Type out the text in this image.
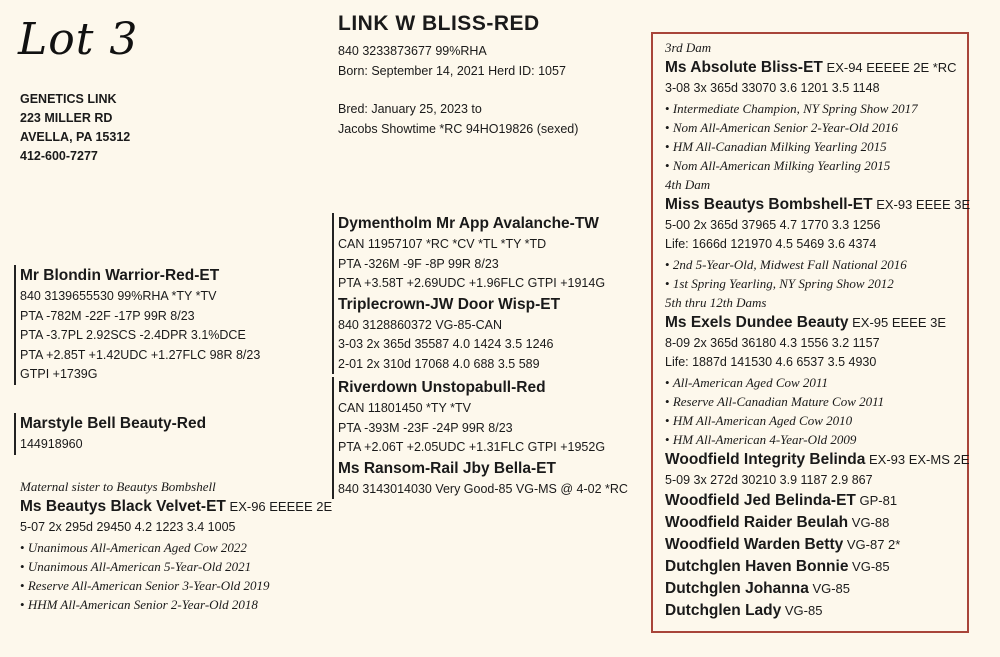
Lot 3
GENETICS LINK
223 MILLER RD
AVELLA, PA 15312
412-600-7277
LINK W BLISS-RED
840 3233873677 99%RHA
Born: September 14, 2021 Herd ID: 1057
Bred: January 25, 2023 to
Jacobs Showtime *RC 94HO19826 (sexed)
Mr Blondin Warrior-Red-ET
840 3139655530 99%RHA *TY *TV
PTA -782M -22F -17P 99R 8/23
PTA -3.7PL 2.92SCS -2.4DPR 3.1%DCE
PTA +2.85T +1.42UDC +1.27FLC 98R 8/23
GTPI +1739G
Marstyle Bell Beauty-Red
144918960
Maternal sister to Beautys Bombshell
Ms Beautys Black Velvet-ET EX-96 EEEEE 2E
5-07 2x 295d 29450 4.2 1223 3.4 1005
• Unanimous All-American Aged Cow 2022
• Unanimous All-American 5-Year-Old 2021
• Reserve All-American Senior 3-Year-Old 2019
• HHM All-American Senior 2-Year-Old 2018
Dymentholm Mr App Avalanche-TW
CAN 11957107 *RC *CV *TL *TY *TD
PTA -326M -9F -8P 99R 8/23
PTA +3.58T +2.69UDC +1.96FLC GTPI +1914G
Triplecrown-JW Door Wisp-ET
840 3128860372 VG-85-CAN
3-03 2x 365d 35587 4.0 1424 3.5 1246
2-01 2x 310d 17068 4.0 688 3.5 589
Riverdown Unstopabull-Red
CAN 11801450 *TY *TV
PTA -393M -23F -24P 99R 8/23
PTA +2.06T +2.05UDC +1.31FLC GTPI +1952G
Ms Ransom-Rail Jby Bella-ET
840 3143014030 Very Good-85 VG-MS @ 4-02 *RC
3rd Dam
Ms Absolute Bliss-ET EX-94 EEEEE 2E *RC
3-08 3x 365d 33070 3.6 1201 3.5 1148
• Intermediate Champion, NY Spring Show 2017
• Nom All-American Senior 2-Year-Old 2016
• HM All-Canadian Milking Yearling 2015
• Nom All-American Milking Yearling 2015
4th Dam
Miss Beautys Bombshell-ET EX-93 EEEE 3E
5-00 2x 365d 37965 4.7 1770 3.3 1256
Life: 1666d 121970 4.5 5469 3.6 4374
• 2nd 5-Year-Old, Midwest Fall National 2016
• 1st Spring Yearling, NY Spring Show 2012
5th thru 12th Dams
Ms Exels Dundee Beauty EX-95 EEEE 3E
8-09 2x 365d 36180 4.3 1556 3.2 1157
Life: 1887d 141530 4.6 6537 3.5 4930
• All-American Aged Cow 2011
• Reserve All-Canadian Mature Cow 2011
• HM All-American Aged Cow 2010
• HM All-American 4-Year-Old 2009
Woodfield Integrity Belinda EX-93 EX-MS 2E
5-09 3x 272d 30210 3.9 1187 2.9 867
Woodfield Jed Belinda-ET GP-81
Woodfield Raider Beulah VG-88
Woodfield Warden Betty VG-87 2*
Dutchglen Haven Bonnie VG-85
Dutchglen Johanna VG-85
Dutchglen Lady VG-85
